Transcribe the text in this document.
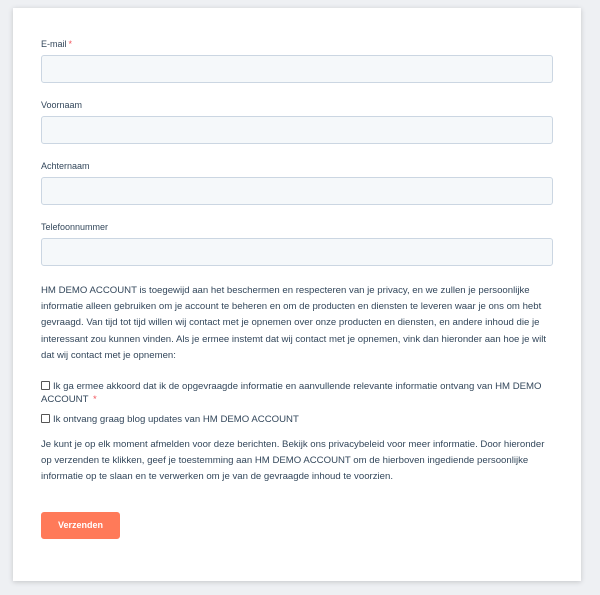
E-mail *
Voornaam
Achternaam
Telefoonnummer

HM DEMO ACCOUNT is toegewijd aan het beschermen en respecteren van je privacy, en we zullen je persoonlijke informatie alleen gebruiken om je account te beheren en om de producten en diensten te leveren waar je ons om hebt gevraagd. Van tijd tot tijd willen wij contact met je opnemen over onze producten en diensten, en andere inhoud die je interessant zou kunnen vinden. Als je ermee instemt dat wij contact met je opnemen, vink dan hieronder aan hoe je wilt dat wij contact met je opnemen:

Ik ga ermee akkoord dat ik de opgevraagde informatie en aanvullende relevante informatie ontvang van HM DEMO ACCOUNT *
Ik ontvang graag blog updates van HM DEMO ACCOUNT

Je kunt je op elk moment afmelden voor deze berichten. Bekijk ons privacybeleid voor meer informatie. Door hieronder op verzenden te klikken, geef je toestemming aan HM DEMO ACCOUNT om de hierboven ingediende persoonlijke informatie op te slaan en te verwerken om je van de gevraagde inhoud te voorzien.

Verzenden
